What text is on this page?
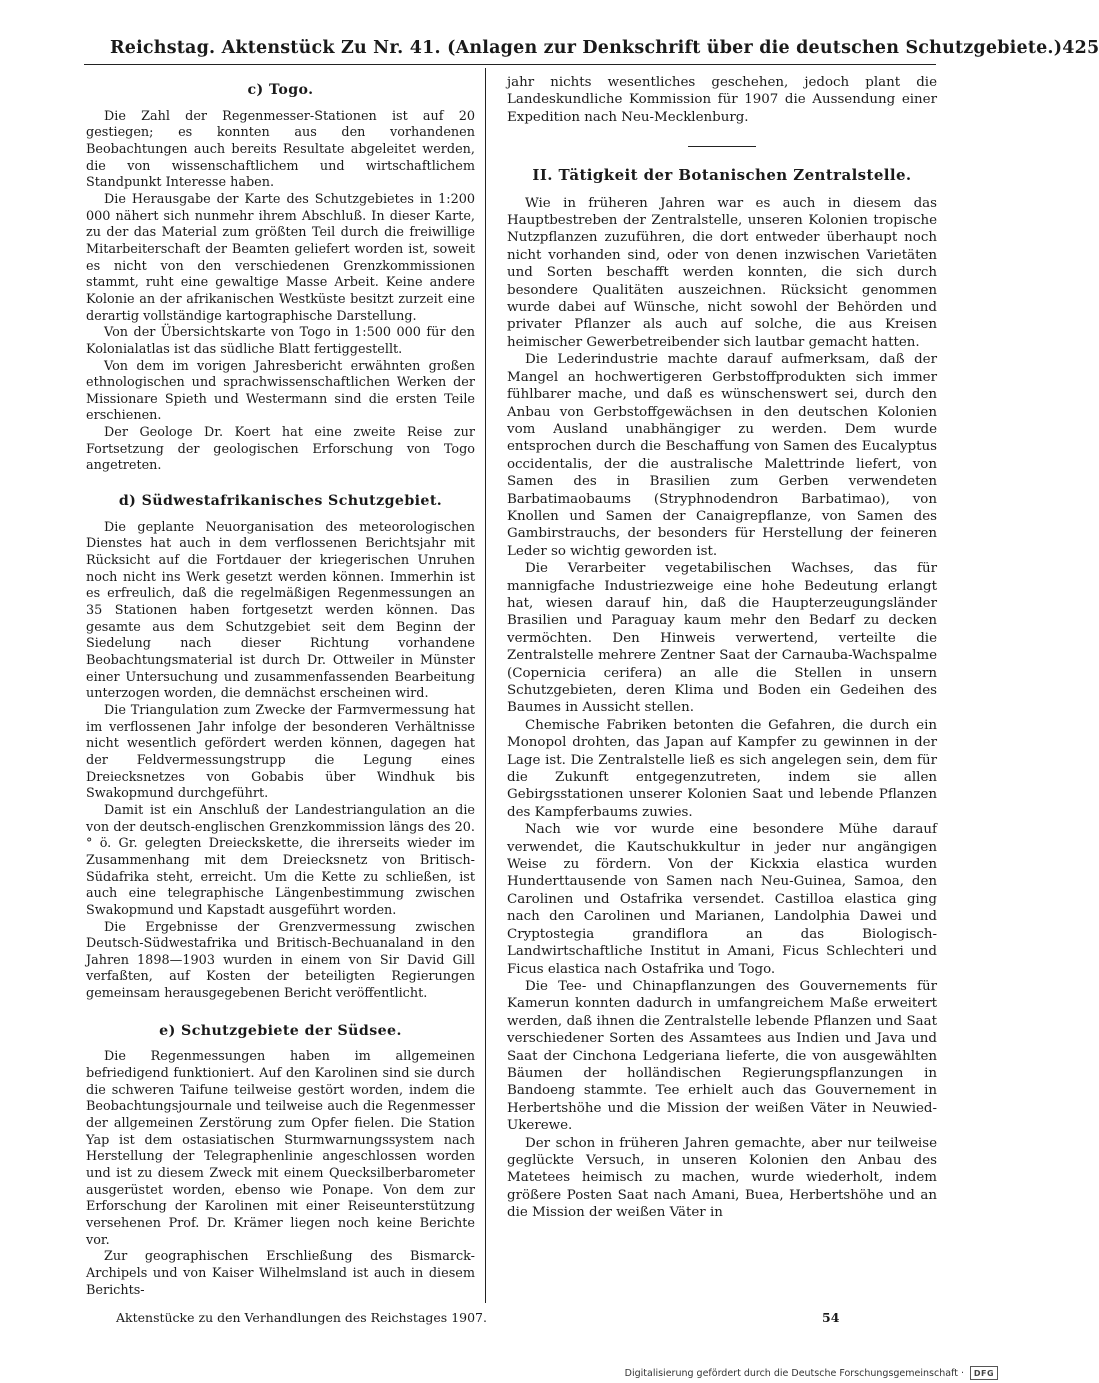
Reichstag. Aktenstück Zu Nr. 41. (Anlagen zur Denkschrift über die deutschen Schutzgebiete.) 425
c) Togo.

Die Zahl der Regenmesser-Stationen ist auf 20 gestiegen; es konnten aus den vorhandenen Beobachtungen auch bereits Resultate abgeleitet werden, die von wissenschaftlichem und wirtschaftlichem Standpunkt Interesse haben.

Die Herausgabe der Karte des Schutzgebietes in 1:200 000 nähert sich nunmehr ihrem Abschluß. In dieser Karte, zu der das Material zum größten Teil durch die freiwillige Mitarbeiterschaft der Beamten geliefert worden ist, soweit es nicht von den verschiedenen Grenzkommissionen stammt, ruht eine gewaltige Masse Arbeit. Keine andere Kolonie an der afrikanischen Westküste besitzt zurzeit eine derartig vollständige kartographische Darstellung.

Von der Übersichtskarte von Togo in 1:500 000 für den Kolonialatlas ist das südliche Blatt fertiggestellt.

Von dem im vorigen Jahresbericht erwähnten großen ethnologischen und sprachwissenschaftlichen Werken der Missionare Spieth und Westermann sind die ersten Teile erschienen.

Der Geologe Dr. Koert hat eine zweite Reise zur Fortsetzung der geologischen Erforschung von Togo angetreten.

d) Südwestafrikanisches Schutzgebiet.

Die geplante Neuorganisation des meteorologischen Dienstes hat auch in dem verflossenen Berichtsjahr mit Rücksicht auf die Fortdauer der kriegerischen Unruhen noch nicht ins Werk gesetzt werden können. Immerhin ist es erfreulich, daß die regelmäßigen Regenmessungen an 35 Stationen haben fortgesetzt werden können. Das gesamte aus dem Schutzgebiet seit dem Beginn der Siedelung nach dieser Richtung vorhandene Beobachtungsmaterial ist durch Dr. Ottweiler in Münster einer Untersuchung und zusammenfassenden Bearbeitung unterzogen worden, die demnächst erscheinen wird.

Die Triangulation zum Zwecke der Farmvermessung hat im verflossenen Jahr infolge der besonderen Verhältnisse nicht wesentlich gefördert werden können, dagegen hat der Feldvermessungstrupp die Legung eines Dreiecksnetzes von Gobabis über Windhuk bis Swakopmund durchgeführt.

Damit ist ein Anschluß der Landestriangulation an die von der deutsch-englischen Grenzkommission längs des 20.° ö. Gr. gelegten Dreieckskette, die ihrerseits wieder im Zusammenhang mit dem Dreiecksnetz von Britisch-Südafrika steht, erreicht. Um die Kette zu schließen, ist auch eine telegraphische Längenbestimmung zwischen Swakopmund und Kapstadt ausgeführt worden.

Die Ergebnisse der Grenzvermessung zwischen Deutsch-Südwestafrika und Britisch-Bechuanaland in den Jahren 1898—1903 wurden in einem von Sir David Gill verfaßten, auf Kosten der beteiligten Regierungen gemeinsam herausgegebenen Bericht veröffentlicht.

e) Schutzgebiete der Südsee.

Die Regenmessungen haben im allgemeinen befriedigend funktioniert. Auf den Karolinen sind sie durch die schweren Taifune teilweise gestört worden, indem die Beobachtungsjournale und teilweise auch die Regenmesser der allgemeinen Zerstörung zum Opfer fielen. Die Station Yap ist dem ostasiatischen Sturmwarnungssystem nach Herstellung der Telegraphenlinie angeschlossen worden und ist zu diesem Zweck mit einem Quecksilberbarometer ausgerüstet worden, ebenso wie Ponape. Von dem zur Erforschung der Karolinen mit einer Reiseunterstützung versehenen Prof. Dr. Krämer liegen noch keine Berichte vor.

Zur geographischen Erschließung des Bismarck-Archipels und von Kaiser Wilhelmsland ist auch in diesem Berichts-

jahr nichts wesentliches geschehen, jedoch plant die Landeskundliche Kommission für 1907 die Aussendung einer Expedition nach Neu-Mecklenburg.

II. Tätigkeit der Botanischen Zentralstelle.

Wie in früheren Jahren war es auch in diesem das Hauptbestreben der Zentralstelle, unseren Kolonien tropische Nutzpflanzen zuzuführen, die dort entweder überhaupt noch nicht vorhanden sind, oder von denen inzwischen Varietäten und Sorten beschafft werden konnten, die sich durch besondere Qualitäten auszeichnen. Rücksicht genommen wurde dabei auf Wünsche, nicht sowohl der Behörden und privater Pflanzer als auch auf solche, die aus Kreisen heimischer Gewerbetreibender sich lautbar gemacht hatten.

Die Lederindustrie machte darauf aufmerksam, daß der Mangel an hochwertigeren Gerbstoffprodukten sich immer fühlbarer mache, und daß es wünschenswert sei, durch den Anbau von Gerbstoffgewächsen in den deutschen Kolonien vom Ausland unabhängiger zu werden. Dem wurde entsprochen durch die Beschaffung von Samen des Eucalyptus occidentalis, der die australische Malettrinde liefert, von Samen des in Brasilien zum Gerben verwendeten Barbatimaobaums (Stryphnodendron Barbatimao), von Knollen und Samen der Canaigrepflanze, von Samen des Gambirstrauchs, der besonders für Herstellung der feineren Leder so wichtig geworden ist.

Die Verarbeiter vegetabilischen Wachses, das für mannigfache Industriezweige eine hohe Bedeutung erlangt hat, wiesen darauf hin, daß die Haupterzeugungsländer Brasilien und Paraguay kaum mehr den Bedarf zu decken vermöchten. Den Hinweis verwertend, verteilte die Zentralstelle mehrere Zentner Saat der Carnauba-Wachspalme (Copernicia cerifera) an alle die Stellen in unsern Schutzgebieten, deren Klima und Boden ein Gedeihen des Baumes in Aussicht stellen.

Chemische Fabriken betonten die Gefahren, die durch ein Monopol drohten, das Japan auf Kampfer zu gewinnen in der Lage ist. Die Zentralstelle ließ es sich angelegen sein, dem für die Zukunft entgegenzutreten, indem sie allen Gebirgsstationen unserer Kolonien Saat und lebende Pflanzen des Kampferbaums zuwies.

Nach wie vor wurde eine besondere Mühe darauf verwendet, die Kautschukkultur in jeder nur angängigen Weise zu fördern. Von der Kickxia elastica wurden Hunderttausende von Samen nach Neu-Guinea, Samoa, den Carolinen und Ostafrika versendet. Castilloa elastica ging nach den Carolinen und Marianen, Landolphia Dawei und Cryptostegia grandiflora an das Biologisch-Landwirtschaftliche Institut in Amani, Ficus Schlechteri und Ficus elastica nach Ostafrika und Togo.

Die Tee- und Chinapflanzungen des Gouvernements für Kamerun konnten dadurch in umfangreichem Maße erweitert werden, daß ihnen die Zentralstelle lebende Pflanzen und Saat verschiedener Sorten des Assamtees aus Indien und Java und Saat der Cinchona Ledgeriana lieferte, die von ausgewählten Bäumen der holländischen Regierungspflanzungen in Bandoeng stammte. Tee erhielt auch das Gouvernement in Herbertshöhe und die Mission der weißen Väter in Neuwied-Ukerewe.

Der schon in früheren Jahren gemachte, aber nur teilweise geglückte Versuch, in unseren Kolonien den Anbau des Matetees heimisch zu machen, wurde wiederholt, indem größere Posten Saat nach Amani, Buea, Herbertshöhe und an die Mission der weißen Väter in

Aktenstücke zu den Verhandlungen des Reichstages 1907.	54
Digitalisierung gefördert durch die Deutsche Forschungsgemeinschaft ·	DFG
